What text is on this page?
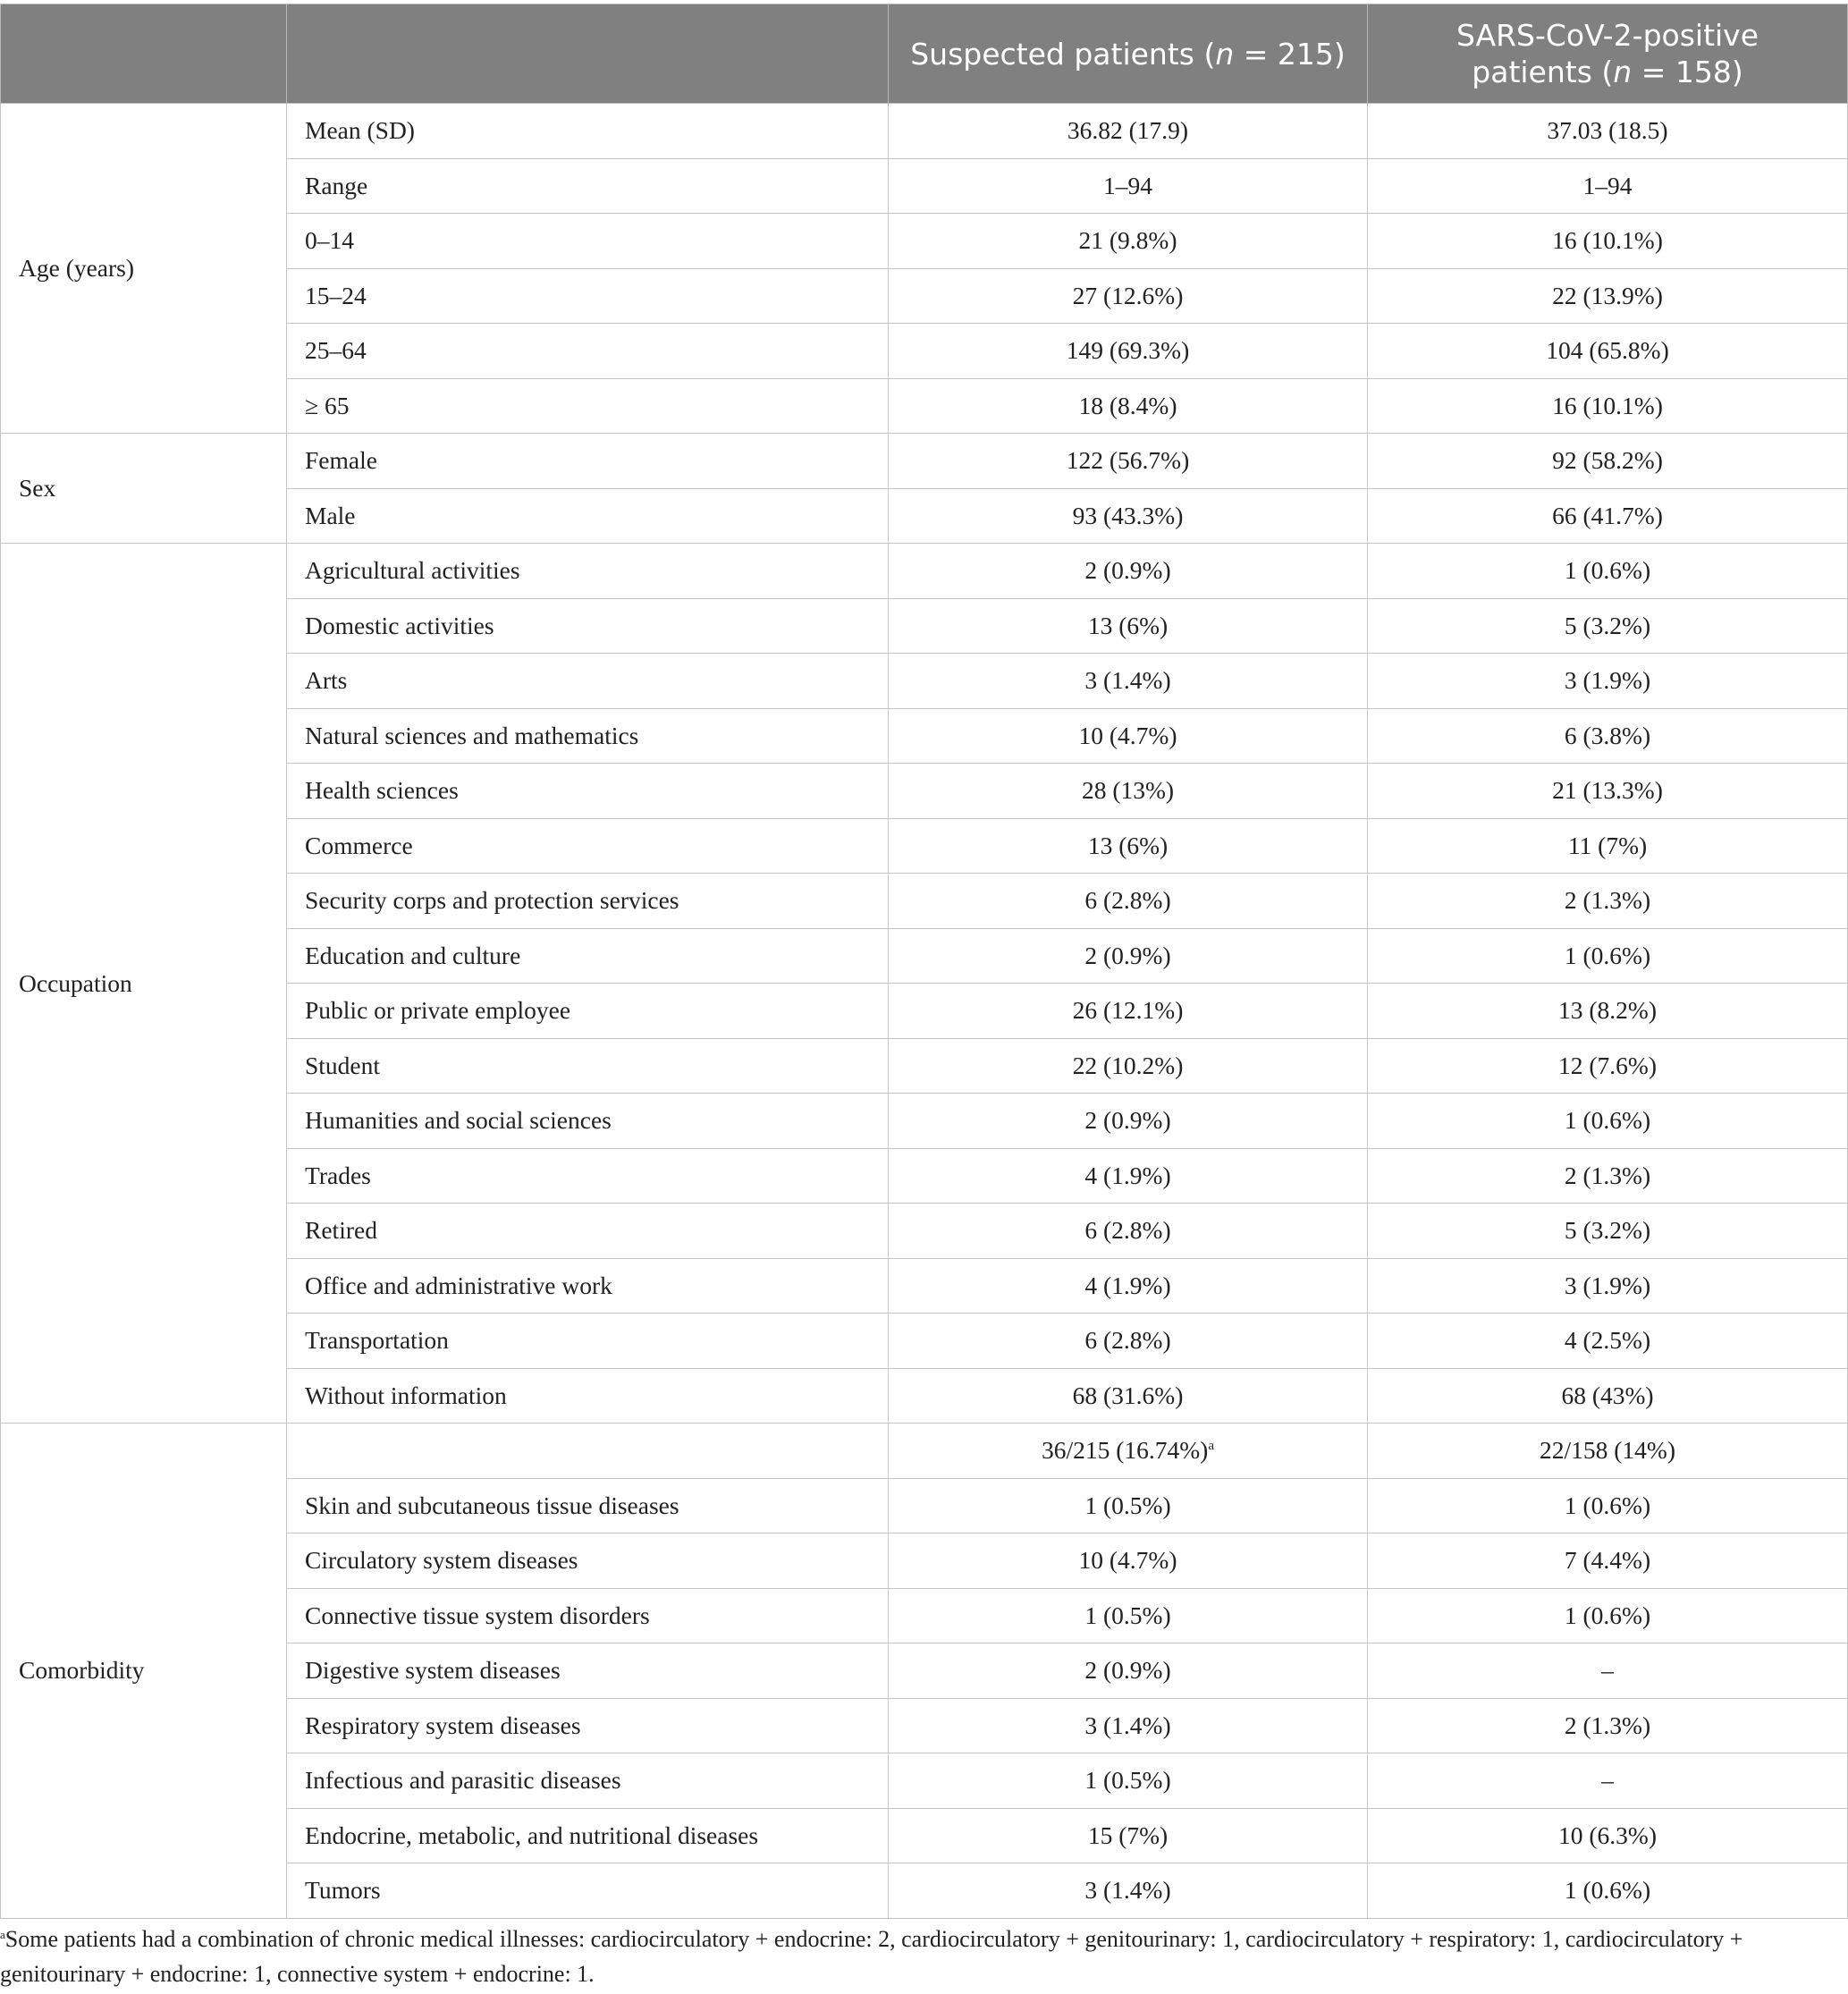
		Suspected patients (n = 215)	SARS-CoV-2-positive
patients (n = 158)
Age (years)	Mean (SD)	36.82 (17.9)	37.03 (18.5)
	Range	1–94	1–94
	0–14	21 (9.8%)	16 (10.1%)
	15–24	27 (12.6%)	22 (13.9%)
	25–64	149 (69.3%)	104 (65.8%)
	≥ 65	18 (8.4%)	16 (10.1%)
Sex	Female	122 (56.7%)	92 (58.2%)
	Male	93 (43.3%)	66 (41.7%)
Occupation	Agricultural activities	2 (0.9%)	1 (0.6%)
	Domestic activities	13 (6%)	5 (3.2%)
	Arts	3 (1.4%)	3 (1.9%)
	Natural sciences and mathematics	10 (4.7%)	6 (3.8%)
	Health sciences	28 (13%)	21 (13.3%)
	Commerce	13 (6%)	11 (7%)
	Security corps and protection services	6 (2.8%)	2 (1.3%)
	Education and culture	2 (0.9%)	1 (0.6%)
	Public or private employee	26 (12.1%)	13 (8.2%)
	Student	22 (10.2%)	12 (7.6%)
	Humanities and social sciences	2 (0.9%)	1 (0.6%)
	Trades	4 (1.9%)	2 (1.3%)
	Retired	6 (2.8%)	5 (3.2%)
	Office and administrative work	4 (1.9%)	3 (1.9%)
	Transportation	6 (2.8%)	4 (2.5%)
	Without information	68 (31.6%)	68 (43%)
Comorbidity		36/215 $(16.74\%)^a$	22/158 (14%)
	Skin and subcutaneous tissue diseases	1 (0.5%)	1 (0.6%)
	Circulatory system diseases	10 (4.7%)	7 (4.4%)
	Connective tissue system disorders	1 (0.5%)	1 (0.6%)
	Digestive system diseases	2 (0.9%)	–
	Respiratory system diseases	3 (1.4%)	2 (1.3%)
	Infectious and parasitic diseases	1 (0.5%)	–
	Endocrine, metabolic, and nutritional diseases	15 (7%)	10 (6.3%)
	Tumors	3 (1.4%)	1 (0.6%)
$^a$Some patients had a combination of chronic medical illnesses: cardiocirculatory + endocrine: 2, cardiocirculatory + genitourinary: 1, cardiocirculatory + respiratory: 1, cardiocirculatory + genitourinary + endocrine: 1, connective system + endocrine: 1.
